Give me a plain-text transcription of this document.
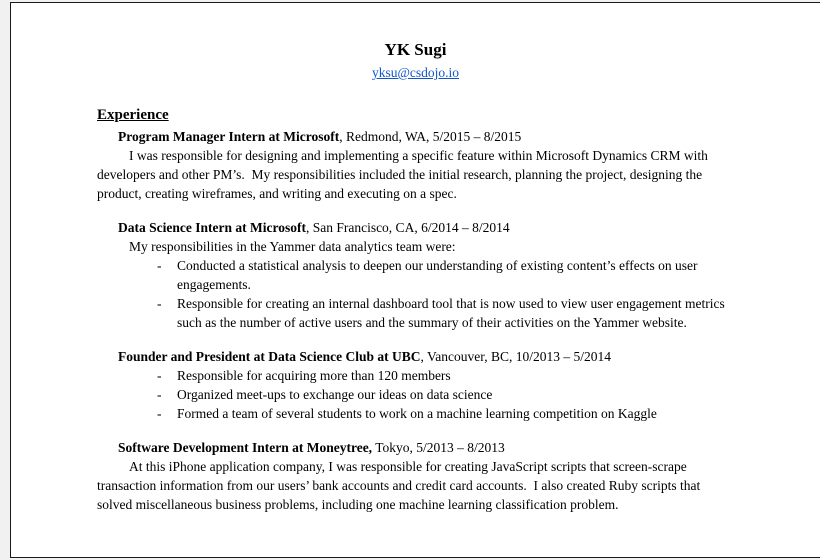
YK Sugi
yksu@csdojo.io
Experience
Program Manager Intern at Microsoft, Redmond, WA, 5/2015 – 8/2015
I was responsible for designing and implementing a specific feature within Microsoft Dynamics CRM with developers and other PM’s.  My responsibilities included the initial research, planning the project, designing the product, creating wireframes, and writing and executing on a spec.
Data Science Intern at Microsoft, San Francisco, CA, 6/2014 – 8/2014
My responsibilities in the Yammer data analytics team were:
-	Conducted a statistical analysis to deepen our understanding of existing content’s effects on user engagements.
-	Responsible for creating an internal dashboard tool that is now used to view user engagement metrics such as the number of active users and the summary of their activities on the Yammer website.
Founder and President at Data Science Club at UBC, Vancouver, BC, 10/2013 – 5/2014
-	Responsible for acquiring more than 120 members
-	Organized meet-ups to exchange our ideas on data science
-	Formed a team of several students to work on a machine learning competition on Kaggle
Software Development Intern at Moneytree, Tokyo, 5/2013 – 8/2013
At this iPhone application company, I was responsible for creating JavaScript scripts that screen-scrape transaction information from our users’ bank accounts and credit card accounts.  I also created Ruby scripts that solved miscellaneous business problems, including one machine learning classification problem.
